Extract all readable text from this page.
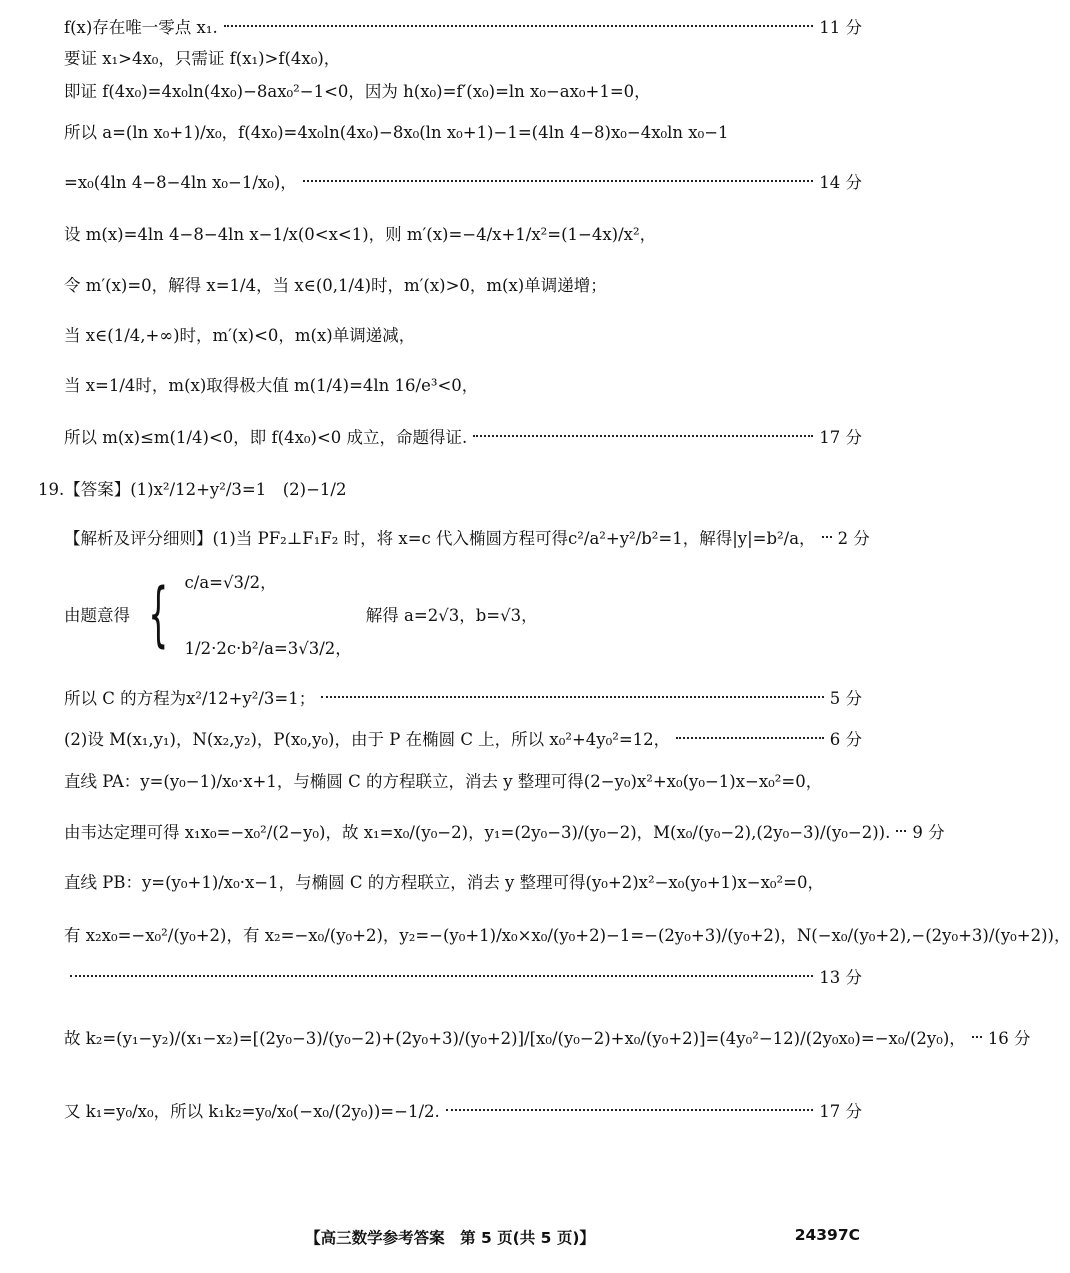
f(x)存在唯一零点 x₁.	11 分
要证 x₁>4x₀，只需证 f(x₁)>f(4x₀)，
即证 f(4x₀)=4x₀ln(4x₀)−8ax₀²−1<0，因为 h(x₀)=f′(x₀)=ln x₀−ax₀+1=0，
所以 a=(ln x₀+1)/x₀，f(4x₀)=4x₀ln(4x₀)−8x₀(ln x₀+1)−1=(4ln 4−8)x₀−4x₀ln x₀−1
=x₀(4ln 4−8−4ln x₀−1/x₀)，	14 分
设 m(x)=4ln 4−8−4ln x−1/x(0<x<1)，则 m′(x)=−4/x+1/x²=(1−4x)/x²，
令 m′(x)=0，解得 x=1/4，当 x∈(0,1/4)时，m′(x)>0，m(x)单调递增；
当 x∈(1/4,+∞)时，m′(x)<0，m(x)单调递减，
当 x=1/4时，m(x)取得极大值 m(1/4)=4ln 16/e³<0，
所以 m(x)≤m(1/4)<0，即 f(4x₀)<0 成立，命题得证.	17 分
19.【答案】(1)x²/12+y²/3=1　(2)−1/2
【解析及评分细则】(1)当 PF₂⊥F₁F₂ 时，将 x=c 代入椭圆方程可得c²/a²+y²/b²=1，解得|y|=b²/a， 2 分
所以 C 的方程为x²/12+y²/3=1；	5 分
(2)设 M(x₁,y₁)，N(x₂,y₂)，P(x₀,y₀)，由于 P 在椭圆 C 上，所以 x₀²+4y₀²=12，	6 分
直线 PA：y=(y₀−1)/x₀·x+1，与椭圆 C 的方程联立，消去 y 整理可得(2−y₀)x²+x₀(y₀−1)x−x₀²=0，
由韦达定理可得 x₁x₀=−x₀²/(2−y₀)，故 x₁=x₀/(y₀−2)，y₁=(2y₀−3)/(y₀−2)，M(x₀/(y₀−2),(2y₀−3)/(y₀−2)). 9 分
直线 PB：y=(y₀+1)/x₀·x−1，与椭圆 C 的方程联立，消去 y 整理可得(y₀+2)x²−x₀(y₀+1)x−x₀²=0，
有 x₂x₀=−x₀²/(y₀+2)，有 x₂=−x₀/(y₀+2)，y₂=−(y₀+1)/x₀×x₀/(y₀+2)−1=−(2y₀+3)/(y₀+2)，N(−x₀/(y₀+2),−(2y₀+3)/(y₀+2))，
13 分
故 k₂=(y₁−y₂)/(x₁−x₂)=[(2y₀−3)/(y₀−2)+(2y₀+3)/(y₀+2)]/[x₀/(y₀−2)+x₀/(y₀+2)]=(4y₀²−12)/(2y₀x₀)=−x₀/(2y₀)， 16 分
又 k₁=y₀/x₀，所以 k₁k₂=y₀/x₀(−x₀/(2y₀))=−1/2.	17 分
由题意得 { c/a=√3/2，
1/2·2c·b²/a=3√3/2，
解得 a=2√3，b=√3，
【高三数学参考答案　第 5 页(共 5 页)】	24397C
